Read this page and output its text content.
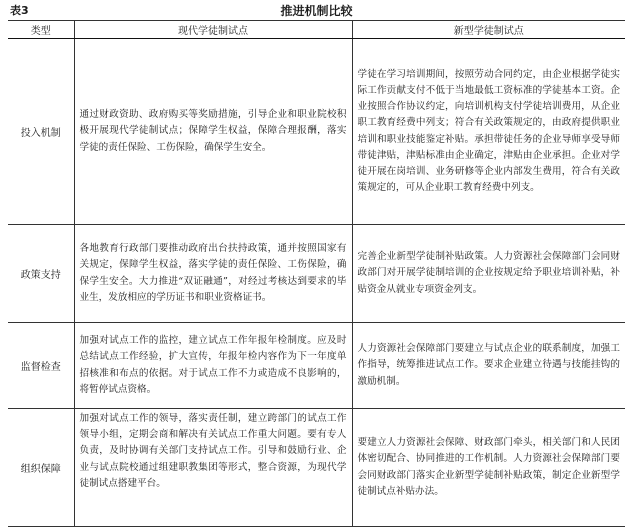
表3	推进机制比较
类型	现代学徒制试点	新型学徒制试点
投入机制	通过财政资助、政府购买等奖励措施，引导企业和职业院校积极开展现代学徒制试点；保障学生权益，保障合理报酬，落实学徒的责任保险、工伤保险，确保学生安全。	学徒在学习培训期间，按照劳动合同约定，由企业根据学徒实际工作贡献支付不低于当地最低工资标准的学徒基本工资。企业按照合作协议约定，向培训机构支付学徒培训费用，从企业职工教育经费中列支；符合有关政策规定的，由政府提供职业培训和职业技能鉴定补贴。承担带徒任务的企业导师享受导师带徒津贴，津贴标准由企业确定，津贴由企业承担。企业对学徒开展在岗培训、业务研修等企业内部发生费用，符合有关政策规定的，可从企业职工教育经费中列支。
政策支持	各地教育行政部门要推动政府出台扶持政策，通并按照国家有关规定，保障学生权益，落实学徒的责任保险、工伤保险，确保学生安全。大力推进“双证融通”，对经过考核达到要求的毕业生，发放相应的学历证书和职业资格证书。	完善企业新型学徒制补贴政策。人力资源社会保障部门会同财政部门对开展学徒制培训的企业按规定给予职业培训补贴，补贴资金从就业专项资金列支。
监督检查	加强对试点工作的监控，建立试点工作年报年检制度。应及时总结试点工作经验，扩大宣传，年报年检内容作为下一年度单招核准和布点的依据。对于试点工作不力或造成不良影响的，将暂停试点资格。	人力资源社会保障部门要建立与试点企业的联系制度，加强工作指导，统筹推进试点工作。要求企业建立待遇与技能挂钩的激励机制。
组织保障	加强对试点工作的领导，落实责任制，建立跨部门的试点工作领导小组，定期会商和解决有关试点工作重大问题。要有专人负责，及时协调有关部门支持试点工作。引导和鼓励行业、企业与试点院校通过组建职教集团等形式，整合资源，为现代学徒制试点搭建平台。	要建立人力资源社会保障、财政部门牵头，相关部门和人民团体密切配合、协同推进的工作机制。人力资源社会保障部门要会同财政部门落实企业新型学徒制补贴政策，制定企业新型学徒制试点补贴办法。
